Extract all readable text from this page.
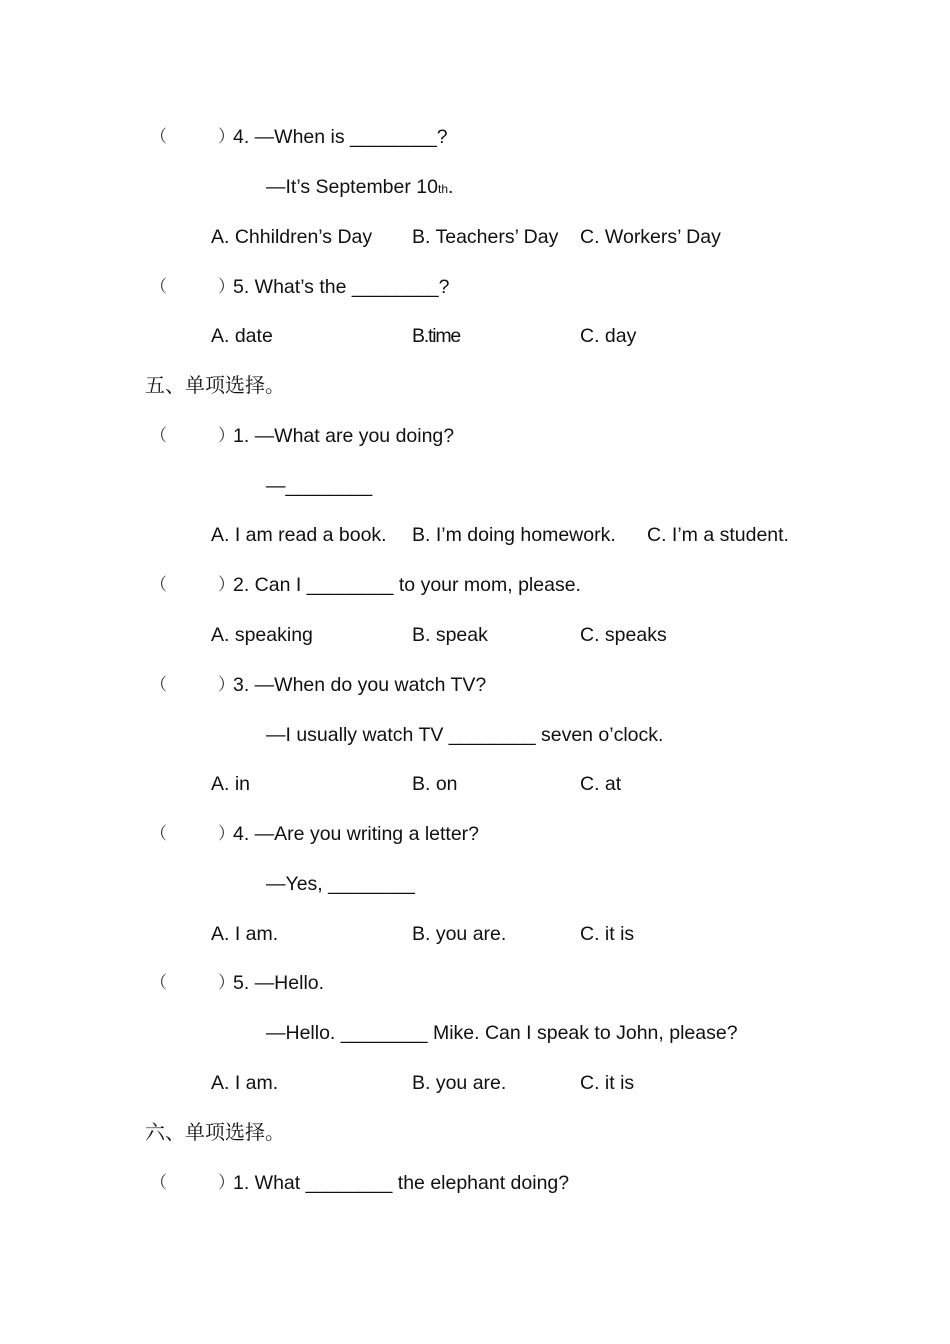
（　　　）
4. —When is ________?
—It’s September 10th.
A. Chhildren’s Day B. Teachers’ Day C. Workers’ Day
（　　　）
5. What’s the ________?
A. date	B.time	C. day
五、单项选择。
（　　　）
1. —What are you doing?
—________
A. I am read a book. B. I’m doing homework. C. I’m a student.
（　　　）
2. Can I ________ to your mom, please.
A. speaking	B. speak	C. speaks
（　　　）
3. —When do you watch TV?
—I usually watch TV ________ seven o’clock.
A. in	B. on	C. at
（　　　）
4. —Are you writing a letter?
—Yes, ________
A. I am.	B. you are.	C. it is
（　　　）
5. —Hello.
—Hello. ________ Mike. Can I speak to John, please?
A. I am.	B. you are.	C. it is
六、单项选择。
（　　　）
1. What ________ the elephant doing?
